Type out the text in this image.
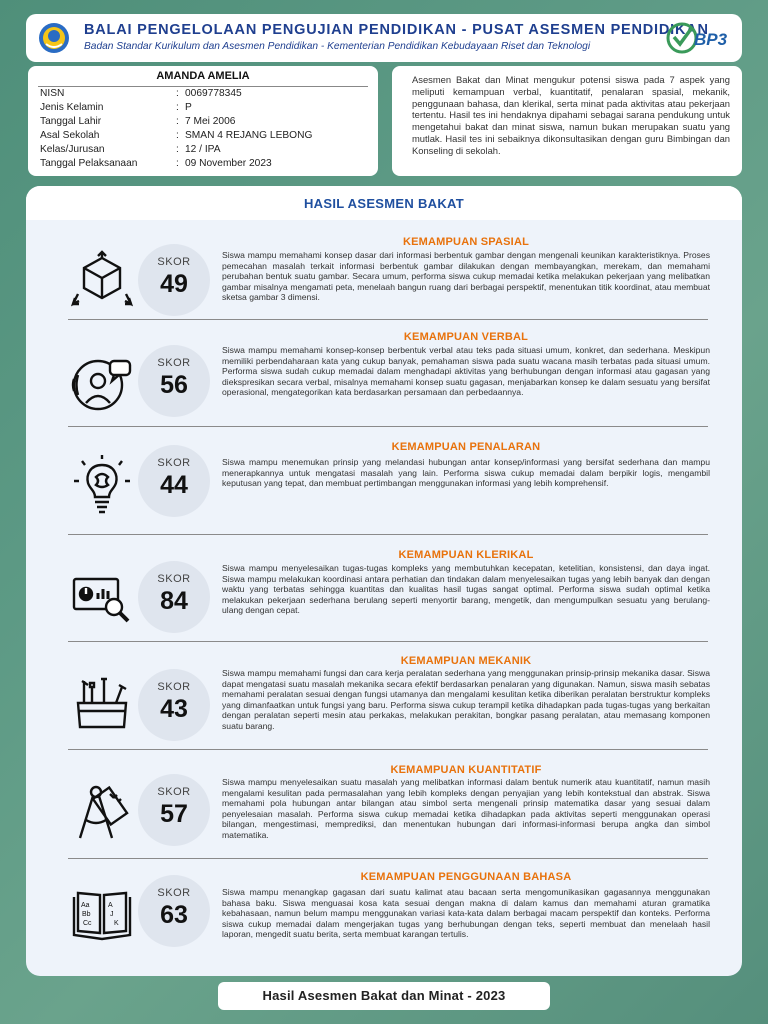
BALAI PENGELOLAAN PENGUJIAN PENDIDIKAN - PUSAT ASESMEN PENDIDIKAN
Badan Standar Kurikulum dan Asesmen Pendidikan - Kementerian Pendidikan Kebudayaan Riset dan Teknologi	BP3
AMANDA AMELIA
NISN	: 0069778345
Jenis Kelamin	: P
Tanggal Lahir	: 7 Mei 2006
Asal Sekolah	: SMAN 4 REJANG LEBONG
Kelas/Jurusan	: 12 / IPA
Tanggal Pelaksanaan	: 09 November 2023
Asesmen Bakat dan Minat mengukur potensi siswa pada 7 aspek yang meliputi kemampuan verbal, kuantitatif, penalaran spasial, mekanik, penggunaan bahasa, dan klerikal, serta minat pada aktivitas atau pekerjaan tertentu. Hasil tes ini hendaknya dipahami sebagai sarana pendukung untuk mengetahui bakat dan minat siswa, namun bukan merupakan suatu yang mutlak. Hasil tes ini sebaiknya dikonsultasikan dengan guru Bimbingan dan Konseling di sekolah.
HASIL ASESMEN BAKAT
SKOR
49
KEMAMPUAN SPASIAL
Siswa mampu memahami konsep dasar dari informasi berbentuk gambar dengan mengenali keunikan karakteristiknya. Proses pemecahan masalah terkait informasi berbentuk gambar dilakukan dengan membayangkan, merekam, dan memahami perubahan bentuk suatu gambar. Secara umum, performa siswa cukup memadai ketika melakukan pekerjaan yang melibatkan gambar misalnya mengamati peta, menelaah bangun ruang dari berbagai perspektif, menentukan titik koordinat, atau membuat sketsa gambar 3 dimensi.
SKOR
56
KEMAMPUAN VERBAL
Siswa mampu memahami konsep-konsep berbentuk verbal atau teks pada situasi umum, konkret, dan sederhana. Meskipun memiliki perbendaharaan kata yang cukup banyak, pemahaman siswa pada suatu wacana masih terbatas pada situasi umum. Performa siswa sudah cukup memadai dalam menghadapi aktivitas yang berhubungan dengan informasi atau gagasan yang diekspresikan secara verbal, misalnya memahami konsep suatu gagasan, menjabarkan konsep ke dalam sesuatu yang bersifat operasional, mengategorikan kata berdasarkan persamaan dan perbedaannya.
SKOR
44
KEMAMPUAN PENALARAN
Siswa mampu menemukan prinsip yang melandasi hubungan antar konsep/informasi yang bersifat sederhana dan mampu menerapkannya untuk mengatasi masalah yang lain. Performa siswa cukup memadai dalam berpikir logis, mengambil keputusan yang tepat, dan membuat pertimbangan menggunakan informasi yang lebih komprehensif.
SKOR
84
KEMAMPUAN KLERIKAL
Siswa mampu menyelesaikan tugas-tugas kompleks yang membutuhkan kecepatan, ketelitian, konsistensi, dan daya ingat. Siswa mampu melakukan koordinasi antara perhatian dan tindakan dalam menyelesaikan tugas yang lebih banyak dan dengan waktu yang terbatas sehingga kuantitas dan kualitas hasil tugas sangat optimal. Performa siswa sudah optimal ketika melakukan pekerjaan sederhana berulang seperti menyortir barang, mengetik, dan mengumpulkan sesuatu yang berulang-ulang dengan cepat.
SKOR
43
KEMAMPUAN MEKANIK
Siswa mampu memahami fungsi dan cara kerja peralatan sederhana yang menggunakan prinsip-prinsip mekanika dasar. Siswa dapat mengatasi suatu masalah mekanika secara efektif berdasarkan penalaran yang digunakan. Namun, siswa masih sebatas memahami peralatan sesuai dengan fungsi utamanya dan mengalami kesulitan ketika diberikan peralatan berstruktur kompleks yang dimanfaatkan untuk fungsi yang baru. Performa siswa cukup terampil ketika dihadapkan pada tugas-tugas yang berkaitan dengan peralatan seperti mesin atau perkakas, melakukan perakitan, bongkar pasang peralatan, atau memasang komponen suatu barang.
SKOR
57
KEMAMPUAN KUANTITATIF
Siswa mampu menyelesaikan suatu masalah yang melibatkan informasi dalam bentuk numerik atau kuantitatif, namun masih mengalami kesulitan pada permasalahan yang lebih kompleks dengan penyajian yang lebih kontekstual dan abstrak. Siswa memahami pola hubungan antar bilangan atau simbol serta mengenali prinsip matematika dasar yang sesuai dalam penyelesaian masalah. Performa siswa cukup memadai ketika dihadapkan pada aktivitas seperti menggunakan operasi bilangan, mengestimasi, memprediksi, dan menentukan hubungan dari informasi-informasi berupa angka dan simbol matematika.
Aa
Bb
Cc
A
J
K
SKOR
63
KEMAMPUAN PENGGUNAAN BAHASA
Siswa mampu menangkap gagasan dari suatu kalimat atau bacaan serta mengomunikasikan gagasannya menggunakan bahasa baku. Siswa menguasai kosa kata sesuai dengan makna di dalam kamus dan memahami aturan gramatika kebahasaan, namun belum mampu menggunakan variasi kata-kata dalam berbagai macam perspektif dan konteks. Performa siswa cukup memadai dalam mengerjakan tugas yang berhubungan dengan teks, seperti membuat dan menelaah hasil laporan, mengedit suatu berita, serta membuat karangan tertulis.
Hasil Asesmen Bakat dan Minat - 2023
